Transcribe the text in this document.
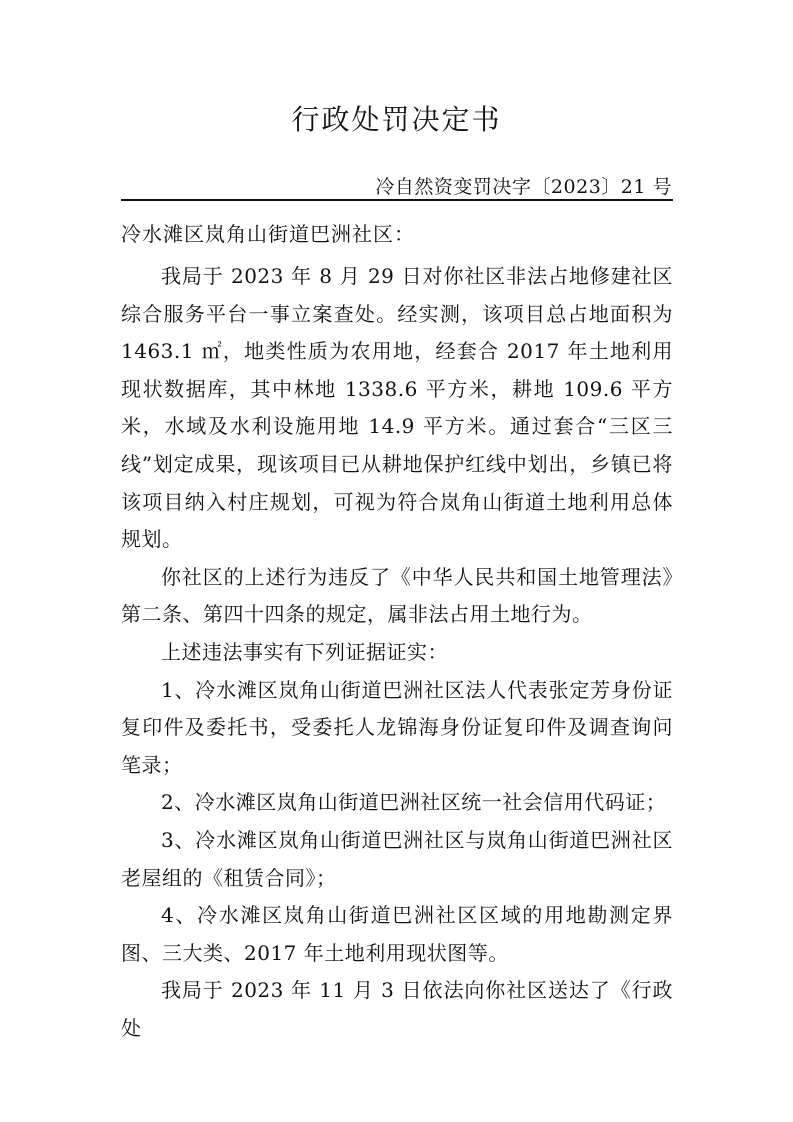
行政处罚决定书
冷自然资变罚决字〔2023〕21 号
冷水滩区岚角山街道巴洲社区：

我局于 2023 年 8 月 29 日对你社区非法占地修建社区综合服务平台一事立案查处。经实测，该项目总占地面积为 1463.1 ㎡，地类性质为农用地，经套合 2017 年土地利用现状数据库，其中林地 1338.6 平方米，耕地 109.6 平方米，水域及水利设施用地 14.9 平方米。通过套合“三区三线”划定成果，现该项目已从耕地保护红线中划出，乡镇已将该项目纳入村庄规划，可视为符合岚角山街道土地利用总体规划。

你社区的上述行为违反了《中华人民共和国土地管理法》第二条、第四十四条的规定，属非法占用土地行为。

上述违法事实有下列证据证实：

1、冷水滩区岚角山街道巴洲社区法人代表张定芳身份证复印件及委托书，受委托人龙锦海身份证复印件及调查询问笔录；

2、冷水滩区岚角山街道巴洲社区统一社会信用代码证；

3、冷水滩区岚角山街道巴洲社区与岚角山街道巴洲社区老屋组的《租赁合同》；

4、冷水滩区岚角山街道巴洲社区区域的用地勘测定界图、三大类、2017 年土地利用现状图等。

我局于 2023 年 11 月 3 日依法向你社区送达了《行政处
